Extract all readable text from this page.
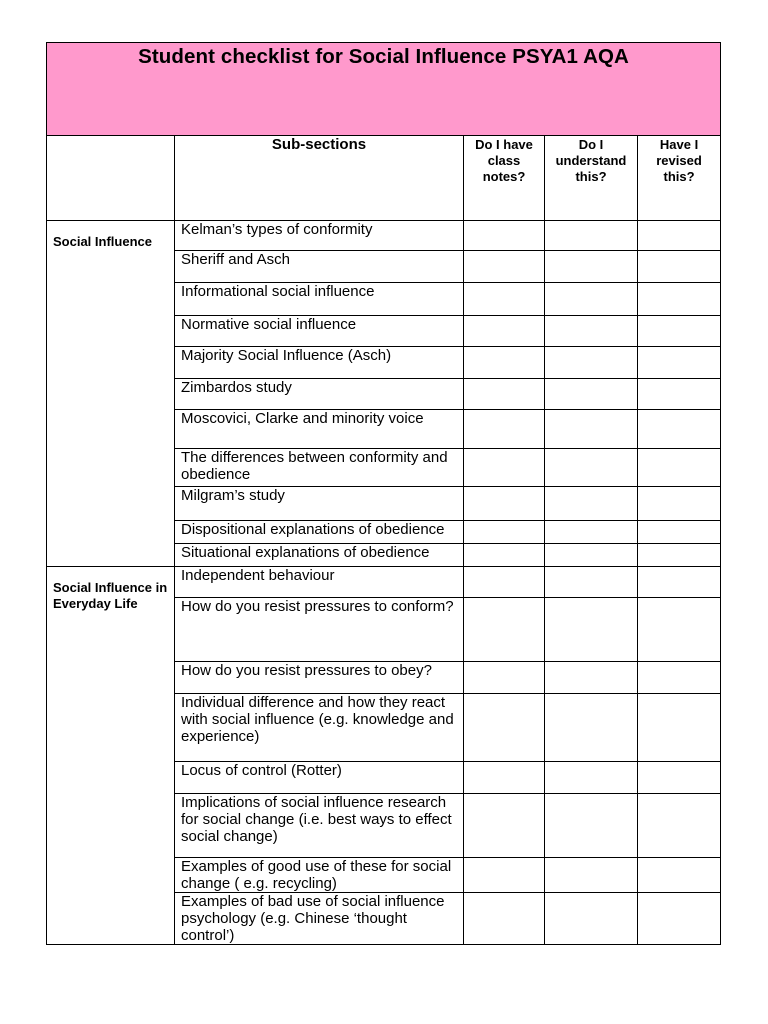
Student checklist for Social Influence PSYA1 AQA				

	Sub-sections	Do I have class notes?	Do I understand this?	Have I revised this?

Social Influence	Kelman’s types of conformity			
	Sheriff and Asch			
	Informational social influence			
	Normative social influence			
	Majority Social Influence (Asch)			
	Zimbardos study			
	Moscovici, Clarke and minority voice			
	The differences between conformity and obedience			
	Milgram’s study			
	Dispositional explanations of obedience			
	Situational explanations of obedience			

Social Influence in Everyday Life	Independent behaviour			
	How do you resist pressures to conform?			
	How do you resist pressures to obey?			
	Individual difference and how they react with social influence (e.g. knowledge and experience)			
	Locus of control (Rotter)			
	Implications of social influence research for social change (i.e. best ways to effect social change)			
	Examples of good use of these for social change ( e.g. recycling)			
	Examples of bad use of social influence psychology (e.g. Chinese ‘thought control’)			
